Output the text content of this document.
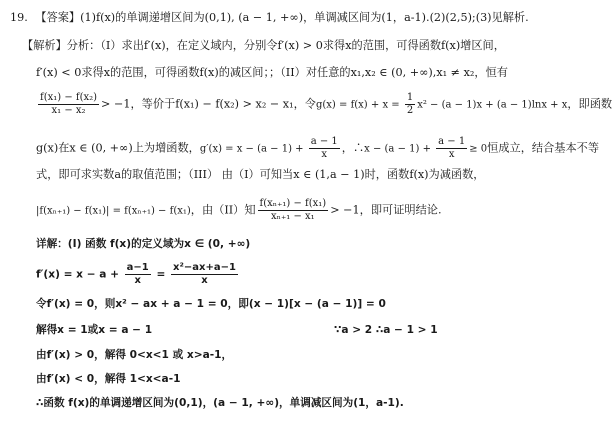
19. 【答案】(1)f(x)的单调递增区间为(0,1), (a − 1, +∞)，单调减区间为(1，a-1).(2)(2,5);(3)见解析.
【解析】分析：（I）求出f′(x)，在定义域内，分别令f′(x) > 0求得x的范围，可得函数f(x)增区间，
f′(x) < 0求得x的范围，可得函数f(x)的减区间；；（II）对任意的x₁,x₂ ∈ (0, +∞),x₁ ≠ x₂，恒有
$\frac{\text{f(x₁) − f(x₂)}}{\text{x₁ − x₂}} > -1$，等价于f(x₁) − f(x₂) > x₂ − x₁，令$g(x) = f(x) + x = \frac{1}{2} x^2 - (a - 1)x + (a - 1)\ln x + x$，即函数
g(x)在x ∈ (0, +∞)上为增函数，$g'(x) = x - (a - 1) + \frac{a - 1}{x}$ ，∴x − $(a - 1) + \frac{a - 1}{x} \ge 0$恒成立，结合基本不等
式，即可求实数a的取值范围；（III） 由（I）可知当x ∈ (1,a − 1)时，函数f(x)为减函数，
|f(xₙ₊₁) − f(x₁)| = f(xₙ₊₁) − f(x₁)，由（II）知 $\frac{\text{f(xₙ₊₁) − f(x₁)}}{\text{xₙ₊₁ − x₁}} > -1$，即可证明结论.
详解：(I) 函数 f(x)的定义域为x ∈ (0, +∞)
$f'(x) = x - a + \frac{a-1}{x} = \frac{\text{x²−ax+a−1}}{x}$
令f′(x) = 0，则x² − ax + a − 1 = 0，即(x − 1)[x − (a − 1)] = 0
解得x = 1或x = a − 1	∵a > 2 ∴a − 1 > 1
由f′(x) > 0，解得 0<x<1 或 x>a-1，
由f′(x) < 0，解得 1<x<a-1
∴函数 f(x)的单调递增区间为(0,1)，(a − 1, +∞)，单调减区间为(1，a-1).
